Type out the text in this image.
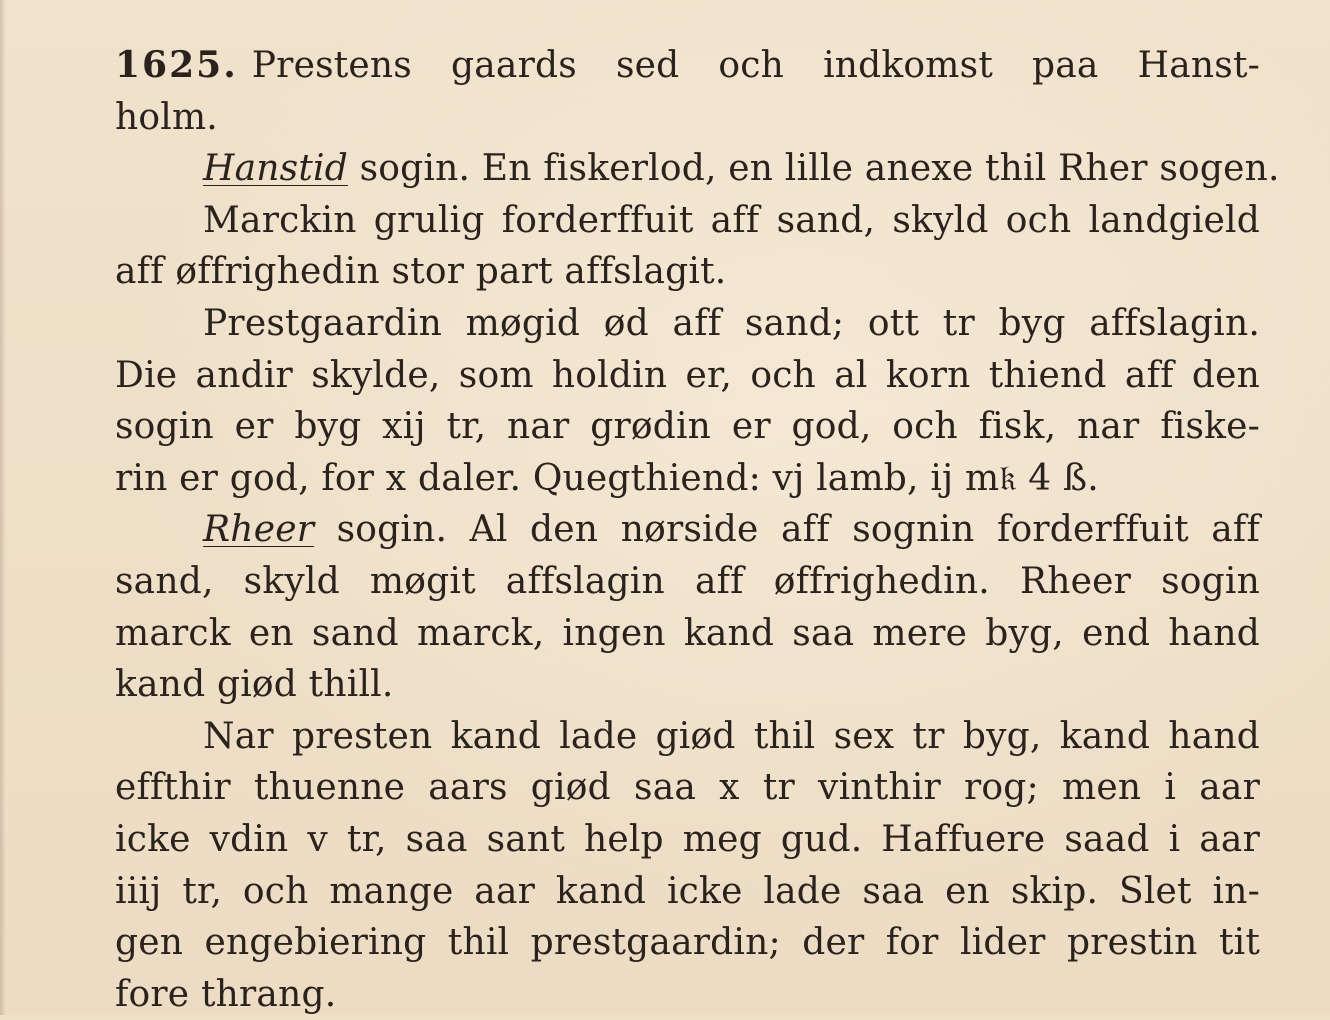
1625. Prestens gaards sed och indkomst paa Hanst-
holm.
Hanstid sogin. En fiskerlod, en lille anexe thil Rher sogen.
Marckin grulig forderffuit aff sand, skyld och landgield
aff øffrighedin stor part affslagit.
Prestgaardin møgid ød aff sand; ott tr byg affslagin.
Die andir skylde, som holdin er, och al korn thiend aff den
sogin er byg xij tr, nar grødin er god, och fisk, nar fiske-
rin er god, for x daler. Quegthiend: vj lamb, ij m𝔨 4 ß.
Rheer sogin. Al den nørside aff sognin forderffuit aff
sand, skyld møgit affslagin aff øffrighedin. Rheer sogin
marck en sand marck, ingen kand saa mere byg, end hand
kand giød thill.
Nar presten kand lade giød thil sex tr byg, kand hand
effthir thuenne aars giød saa x tr vinthir rog; men i aar
icke vdin v tr, saa sant help meg gud. Haffuere saad i aar
iiij tr, och mange aar kand icke lade saa en skip. Slet in-
gen engebiering thil prestgaardin; der for lider prestin tit
fore thrang.
